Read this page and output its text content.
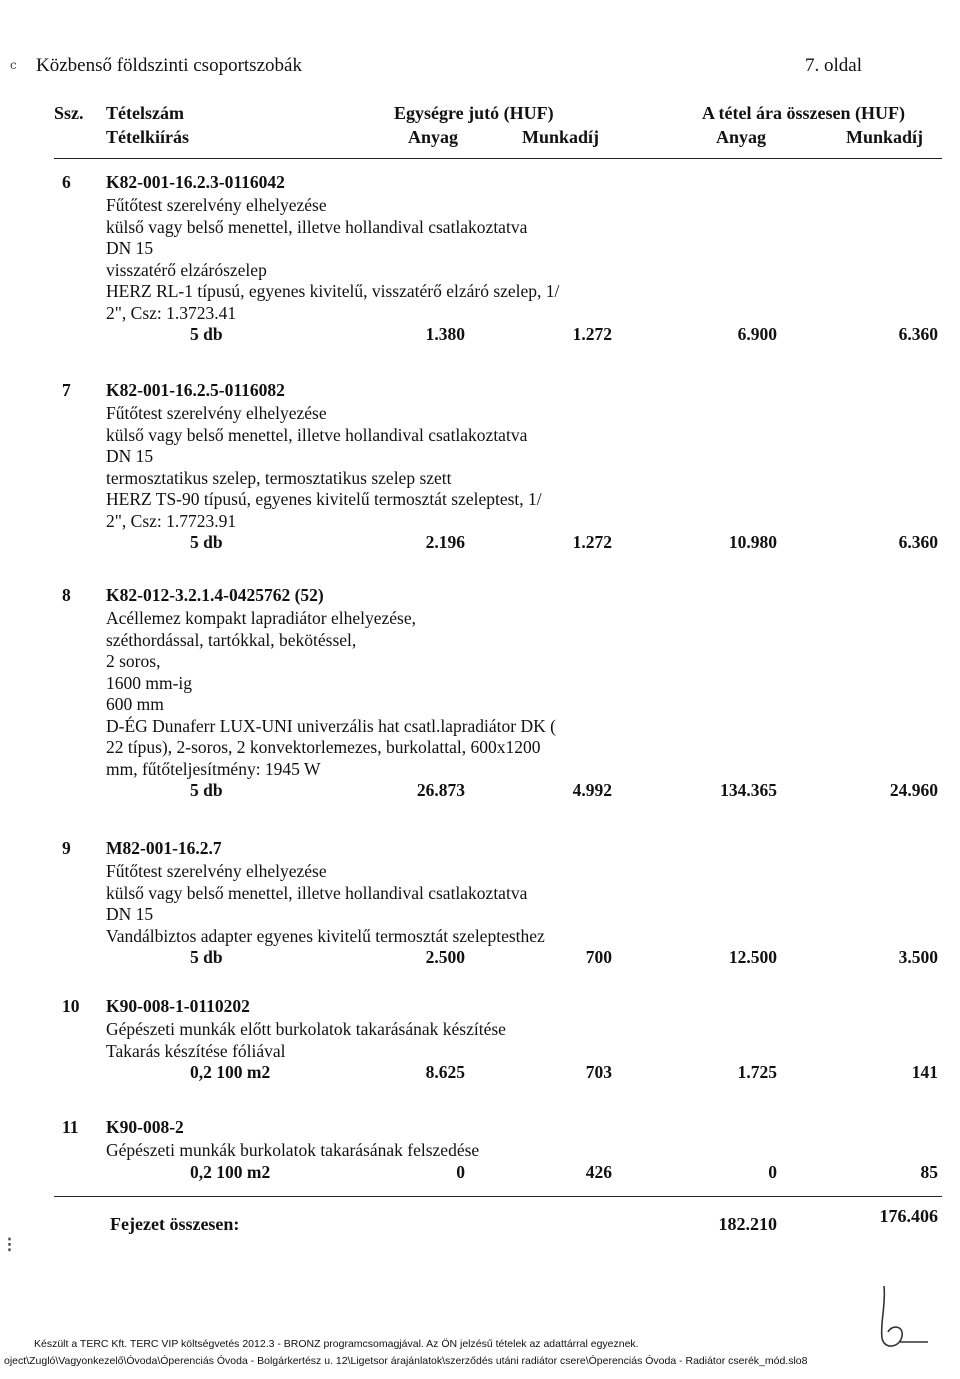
ⅽ Közbenső földszinti csoportszobák	7. oldal
Ssz. Tételszám
Tételkiírás
Egységre jutó (HUF)	A tétel ára összesen (HUF)
Anyag	Munkadíj	Anyag	Munkadíj
6 K82-001-16.2.3-0116042
Fűtőtest szerelvény elhelyezése
külső vagy belső menettel, illetve hollandival csatlakoztatva
DN 15
visszatérő elzárószelep
HERZ RL-1 típusú, egyenes kivitelű, visszatérő elzáró szelep, 1/
2", Csz: 1.3723.41
5 db	1.380	1.272	6.900	6.360
7 K82-001-16.2.5-0116082
Fűtőtest szerelvény elhelyezése
külső vagy belső menettel, illetve hollandival csatlakoztatva
DN 15
termosztatikus szelep, termosztatikus szelep szett
HERZ TS-90 típusú, egyenes kivitelű termosztát szeleptest, 1/
2", Csz: 1.7723.91
5 db	2.196	1.272	10.980	6.360
8 K82-012-3.2.1.4-0425762 (52)
Acéllemez kompakt lapradiátor elhelyezése,
széthordással, tartókkal, bekötéssel,
2 soros,
1600 mm-ig
600 mm
D-ÉG Dunaferr LUX-UNI univerzális hat csatl.lapradiátor DK (
22 típus), 2-soros, 2 konvektorlemezes, burkolattal, 600x1200
mm, fűtőteljesítmény: 1945 W
5 db	26.873	4.992	134.365	24.960
9 M82-001-16.2.7
Fűtőtest szerelvény elhelyezése
külső vagy belső menettel, illetve hollandival csatlakoztatva
DN 15
Vandálbiztos adapter egyenes kivitelű termosztát szeleptesthez
5 db	2.500	700	12.500	3.500
10 K90-008-1-0110202
Gépészeti munkák előtt burkolatok takarásának készítése
Takarás készítése fóliával
0,2 100 m2	8.625	703	1.725	141
11 K90-008-2
Gépészeti munkák burkolatok takarásának felszedése
0,2 100 m2	0	426	0	85
Fejezet összesen:	182.210	176.406
⁝
Készült a TERC Kft. TERC VIP költségvetés 2012.3 - BRONZ programcsomagjával. Az ÖN jelzésű tételek az adattárral egyeznek.
oject\Zugló\Vagyonkezelő\Óvoda\Óperenciás Óvoda - Bolgárkertész u. 12\Ligetsor árajánlatok\szerződés utáni radiátor csere\Óperenciás Óvoda - Radiátor cserék_mód.slo8
